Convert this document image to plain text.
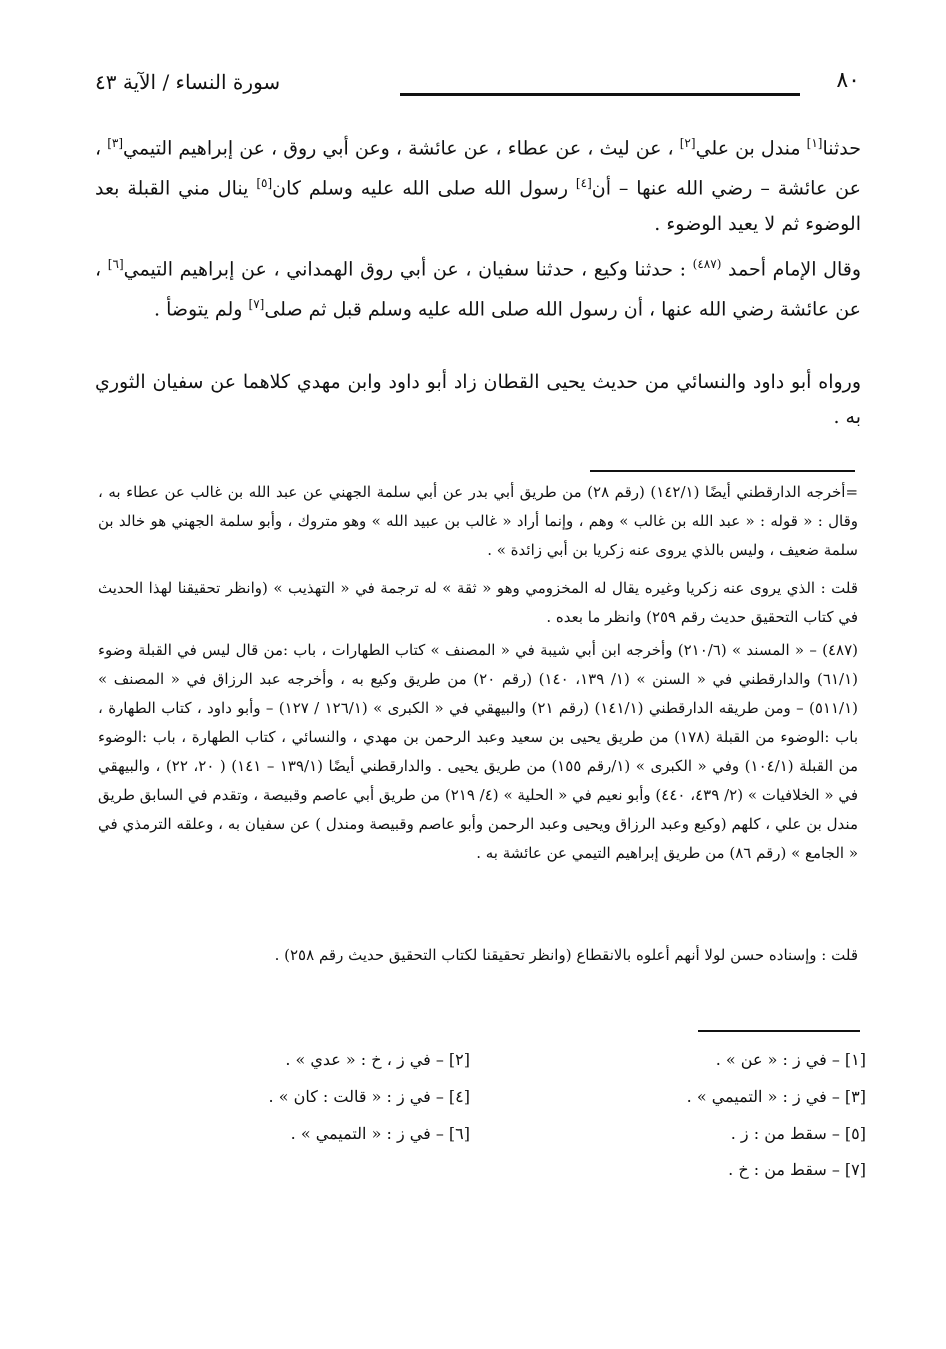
٨٠
سورة النساء / الآية ٤٣
حدثنا[١] مندل بن علي[٢] ، عن ليث ، عن عطاء ، عن عائشة ، وعن أبي روق ، عن إبراهيم التيمي[٣] ، عن عائشة – رضي الله عنها – أن[٤] رسول الله صلى الله عليه وسلم كان[٥] ينال مني القبلة بعد الوضوء ثم لا يعيد الوضوء .
وقال الإمام أحمد $^{(٤٨٧)}$ : حدثنا وكيع ، حدثنا سفيان ، عن أبي روق الهمداني ، عن إبراهيم التيمي[٦] ، عن عائشة رضي الله عنها ، أن رسول الله صلى الله عليه وسلم قبل ثم صلى[٧] ولم يتوضأ .
ورواه أبو داود والنسائي من حديث يحيى القطان زاد أبو داود وابن مهدي كلاهما عن سفيان الثوري به .
=أخرجه الدارقطني أيضًا (١٤٢/١) (رقم ٢٨) من طريق أبي بدر عن أبي سلمة الجهني عن عبد الله بن غالب عن عطاء به ، وقال : « قوله : « عبد الله بن غالب » وهم ، وإنما أراد « غالب بن عبيد الله » وهو متروك ، وأبو سلمة الجهني هو خالد بن سلمة ضعيف ، وليس بالذي يروى عنه زكريا بن أبي زائدة » .
قلت : الذي يروى عنه زكريا وغيره يقال له المخزومي وهو « ثقة » له ترجمة في « التهذيب » (وانظر تحقيقنا لهذا الحديث في كتاب التحقيق حديث رقم ٢٥٩) وانظر ما بعده .
(٤٨٧) – « المسند » (٢١٠/٦) وأخرجه ابن أبي شيبة في « المصنف » كتاب الطهارات ، باب :من قال ليس في القبلة وضوء (٦١/١) والدارقطني في « السنن » (١/ ١٣٩، ١٤٠) (رقم ٢٠) من طريق وكيع به ، وأخرجه عبد الرزاق في « المصنف » (٥١١/١) – ومن طريقه الدارقطني (١٤١/١) (رقم ٢١) والبيهقي في « الكبرى » (١٢٦/١ / ١٢٧) – وأبو داود ، كتاب الطهارة ، باب :الوضوء من القبلة (١٧٨) من طريق يحيى بن سعيد وعبد الرحمن بن مهدي ، والنسائي ، كتاب الطهارة ، باب :الوضوء من القبلة (١٠٤/١) وفي « الكبرى » (١/رقم ١٥٥) من طريق يحيى . والدارقطني أيضًا (١٣٩/١ – ١٤١) ( ٢٠، ٢٢) ، والبيهقي في « الخلافيات » (٢/ ٤٣٩، ٤٤٠) وأبو نعيم في « الحلية » (٤/ ٢١٩) من طريق أبي عاصم وقبيصة ، وتقدم في السابق طريق مندل بن علي ، كلهم (وكيع وعبد الرزاق ويحيى وعبد الرحمن وأبو عاصم وقبيصة ومندل ) عن سفيان به ، وعلقه الترمذي في « الجامع » (رقم ٨٦) من طريق إبراهيم التيمي عن عائشة به .
قلت : وإسناده حسن لولا أنهم أعلوه بالانقطاع (وانظر تحقيقنا لكتاب التحقيق حديث رقم ٢٥٨) .
[١] – في ز : « عن » .
[٢] – في ز ، خ : « عدي » .
[٣] – في ز : « التميمي » .
[٤] – في ز : « قالت : كان » .
[٥] – سقط من : ز .
[٦] – في ز : « التميمي » .
[٧] – سقط من : خ .
